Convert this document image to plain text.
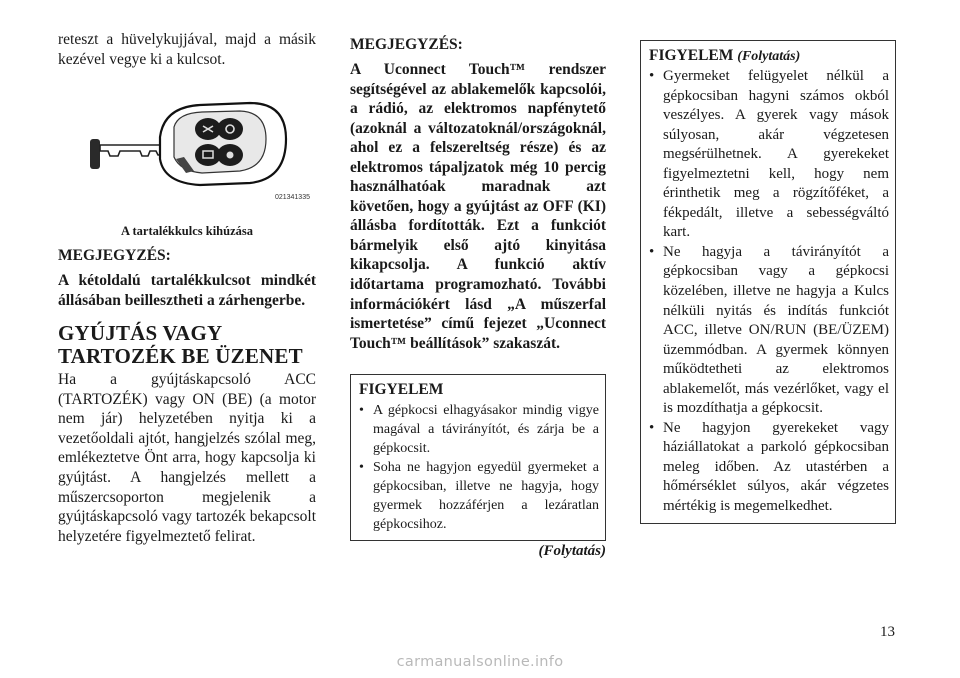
reteszt a hüvelykujjával, majd a másik kezével vegye ki a kulcsot.

021341335

A tartalékkulcs kihúzása

MEGJEGYZÉS:

A kétoldalú tartalékkulcsot mindkét állásában beillesztheti a zárhengerbe.

GYÚJTÁS VAGY TARTOZÉK BE ÜZENET

Ha a gyújtáskapcsoló ACC (TARTOZÉK) vagy ON (BE) (a motor nem jár) helyzetében nyitja ki a vezetőoldali ajtót, hangjelzés szólal meg, emlékeztetve Önt arra, hogy kapcsolja ki gyújtást. A hangjelzés mellett a műszercsoporton megjelenik a gyújtáskapcsoló vagy tartozék bekapcsolt helyzetére figyelmeztető felirat.

MEGJEGYZÉS:

A Uconnect Touch™ rendszer segítségével az ablakemelők kapcsolói, a rádió, az elektromos napfénytető (azoknál a változatoknál/országoknál, ahol ez a felszereltség része) és az elektromos tápaljzatok még 10 percig használhatóak maradnak azt követően, hogy a gyújtást az OFF (KI) állásba fordították. Ezt a funkciót bármelyik első ajtó kinyitása kikapcsolja. A funkció aktív időtartama programozható. További információkért lásd „A műszerfal ismertetése” című fejezet „Uconnect Touch™ beállítások” szakaszát.

FIGYELEM
• A gépkocsi elhagyásakor mindig vigye magával a távirányítót, és zárja be a gépkocsit.
• Soha ne hagyjon egyedül gyermeket a gépkocsiban, illetve ne hagyja, hogy gyermek hozzáférjen a lezáratlan gépkocsihoz.
(Folytatás)
FIGYELEM (Folytatás)
• Gyermeket felügyelet nélkül a gépkocsiban hagyni számos okból veszélyes. A gyerek vagy mások súlyosan, akár végzetesen megsérülhetnek. A gyerekeket figyelmeztetni kell, hogy nem érinthetik meg a rögzítőféket, a fékpedált, illetve a sebességváltó kart.
• Ne hagyja a távirányítót a gépkocsiban vagy a gépkocsi közelében, illetve ne hagyja a Kulcs nélküli nyitás és indítás funkciót ACC, illetve ON/RUN (BE/ÜZEM) üzemmódban. A gyermek könnyen működtetheti az elektromos ablakemelőt, más vezérlőket, vagy el is mozdíthatja a gépkocsit.
• Ne hagyjon gyerekeket vagy háziállatokat a parkoló gépkocsiban meleg időben. Az utastérben a hőmérséklet súlyos, akár végzetes mértékig is megemelkedhet.
13
carmanualsonline.info
